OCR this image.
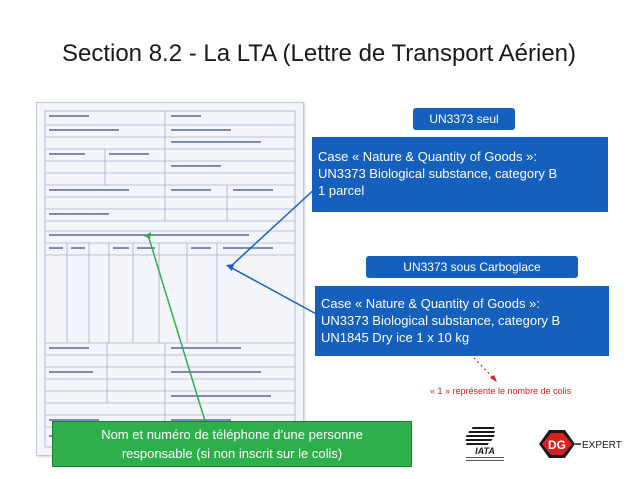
Section 8.2 - La LTA (Lettre de Transport Aérien)
UN3373 seul
Case « Nature & Quantity of Goods »:
UN3373 Biological substance, category B
1 parcel
UN3373 sous Carboglace
Case « Nature & Quantity of Goods »:
UN3373 Biological substance, category B
UN1845 Dry ice 1 x 10 kg
« 1 » représente le nombre de colis
Nom et numéro de téléphone d’une personne
responsable (si non inscrit sur le colis)	IATA	DG EXPERT
